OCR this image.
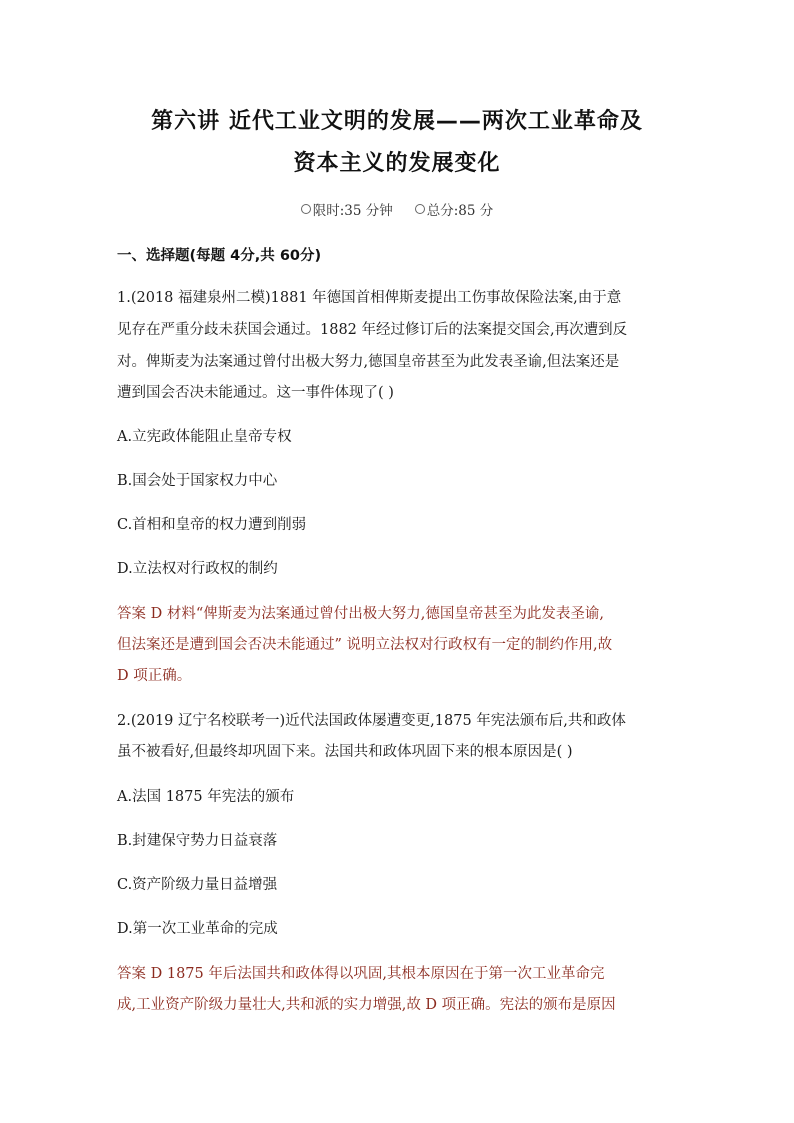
第六讲 近代工业文明的发展——两次工业革命及
资本主义的发展变化
限时:35 分钟	总分:85 分
一、选择题(每题 4分,共 60分)
1.(2018 福建泉州二模)1881 年德国首相俾斯麦提出工伤事故保险法案,由于意
见存在严重分歧未获国会通过。1882 年经过修订后的法案提交国会,再次遭到反
对。俾斯麦为法案通过曾付出极大努力,德国皇帝甚至为此发表圣谕,但法案还是
遭到国会否决未能通过。这一事件体现了( )
A.立宪政体能阻止皇帝专权
B.国会处于国家权力中心
C.首相和皇帝的权力遭到削弱
D.立法权对行政权的制约
答案 D 材料“俾斯麦为法案通过曾付出极大努力,德国皇帝甚至为此发表圣谕,
但法案还是遭到国会否决未能通过” 说明立法权对行政权有一定的制约作用,故
D 项正确。
2.(2019 辽宁名校联考一)近代法国政体屡遭变更,1875 年宪法颁布后,共和政体
虽不被看好,但最终却巩固下来。法国共和政体巩固下来的根本原因是( )
A.法国 1875 年宪法的颁布
B.封建保守势力日益衰落
C.资产阶级力量日益增强
D.第一次工业革命的完成
答案 D 1875 年后法国共和政体得以巩固,其根本原因在于第一次工业革命完
成,工业资产阶级力量壮大,共和派的实力增强,故 D 项正确。宪法的颁布是原因
